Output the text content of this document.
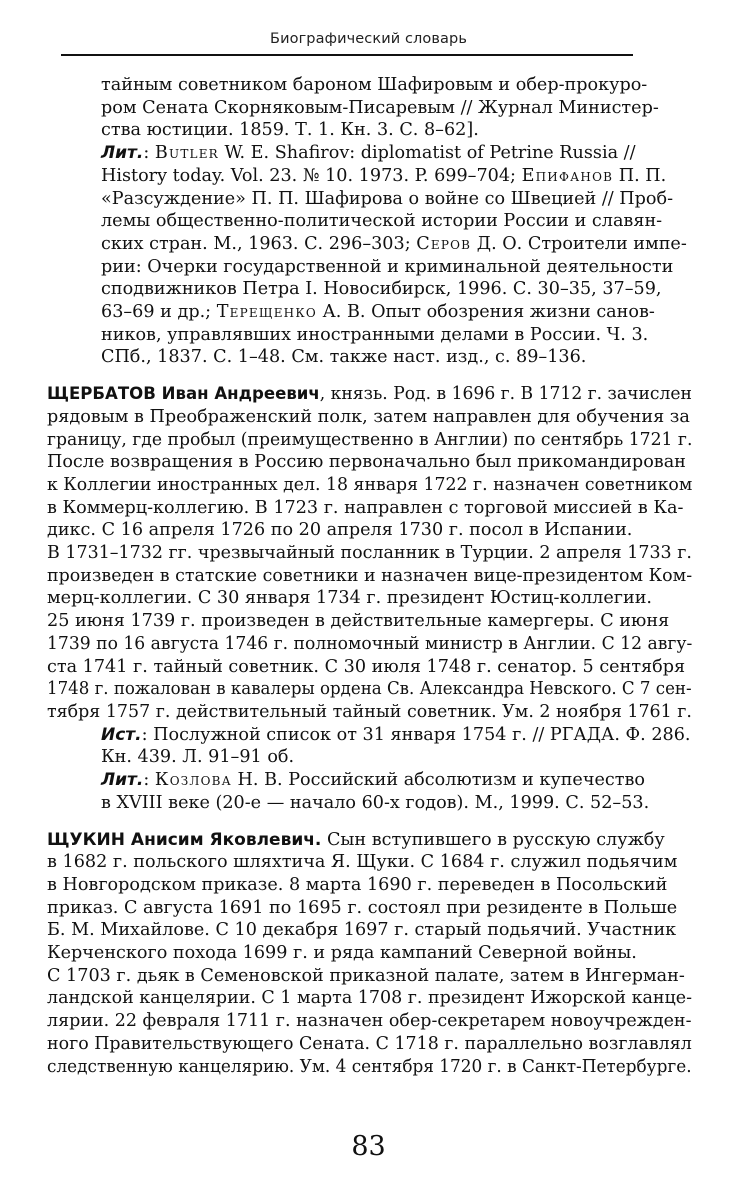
Биографический словарь
тайным советником бароном Шафировым и обер-прокуро-
ром Сената Скорняковым-Писаревым // Журнал Министер-
ства юстиции. 1859. Т. 1. Кн. 3. С. 8–62].
Лит.: Butler W. E. Shafirov: diplomatist of Petrine Russia //
History today. Vol. 23. № 10. 1973. P. 699–704; Епифанов П. П.
«Разсуждение» П. П. Шафирова о войне со Швецией // Проб-
лемы общественно-политической истории России и славян-
ских стран. М., 1963. С. 296–303; Серов Д. О. Строители импе-
рии: Очерки государственной и криминальной деятельности
сподвижников Петра I. Новосибирск, 1996. С. 30–35, 37–59,
63–69 и др.; Терещенко А. В. Опыт обозрения жизни санов-
ников, управлявших иностранными делами в России. Ч. 3.
СПб., 1837. С. 1–48. См. также наст. изд., с. 89–136.
ЩЕРБАТОВ Иван Андреевич, князь. Род. в 1696 г. В 1712 г. зачислен
рядовым в Преображенский полк, затем направлен для обучения за
границу, где пробыл (преимущественно в Англии) по сентябрь 1721 г.
После возвращения в Россию первоначально был прикомандирован
к Коллегии иностранных дел. 18 января 1722 г. назначен советником
в Коммерц-коллегию. В 1723 г. направлен с торговой миссией в Ка-
дикс. С 16 апреля 1726 по 20 апреля 1730 г. посол в Испании.
В 1731–1732 гг. чрезвычайный посланник в Турции. 2 апреля 1733 г.
произведен в статские советники и назначен вице-президентом Ком-
мерц-коллегии. С 30 января 1734 г. президент Юстиц-коллегии.
25 июня 1739 г. произведен в действительные камергеры. С июня
1739 по 16 августа 1746 г. полномочный министр в Англии. С 12 авгу-
ста 1741 г. тайный советник. С 30 июля 1748 г. сенатор. 5 сентября
1748 г. пожалован в кавалеры ордена Св. Александра Невского. С 7 сен-
тября 1757 г. действительный тайный советник. Ум. 2 ноября 1761 г.
Ист.: Послужной список от 31 января 1754 г. // РГАДА. Ф. 286.
Кн. 439. Л. 91–91 об.
Лит.: Козлова Н. В. Российский абсолютизм и купечество
в XVIII веке (20-е — начало 60-х годов). М., 1999. С. 52–53.
ЩУКИН Анисим Яковлевич. Сын вступившего в русскую службу
в 1682 г. польского шляхтича Я. Щуки. С 1684 г. служил подьячим
в Новгородском приказе. 8 марта 1690 г. переведен в Посольский
приказ. С августа 1691 по 1695 г. состоял при резиденте в Польше
Б. М. Михайлове. С 10 декабря 1697 г. старый подьячий. Участник
Керченского похода 1699 г. и ряда кампаний Северной войны.
С 1703 г. дьяк в Семеновской приказной палате, затем в Ингерман-
ландской канцелярии. С 1 марта 1708 г. президент Ижорской канце-
лярии. 22 февраля 1711 г. назначен обер-секретарем новоучрежден-
ного Правительствующего Сената. С 1718 г. параллельно возглавлял
следственную канцелярию. Ум. 4 сентября 1720 г. в Санкт-Петербурге.
83
